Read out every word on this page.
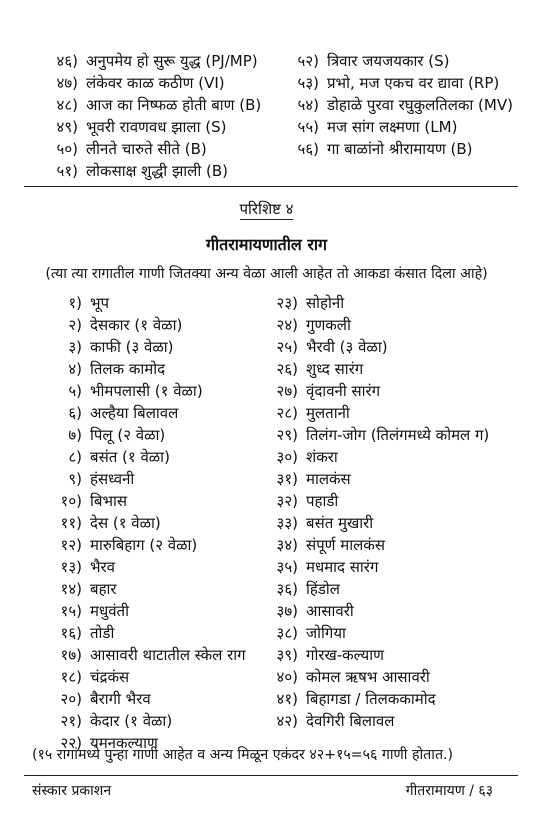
४६) अनुपमेय हो सुरू युद्ध (PJ/MP)
४७) लंकेवर काळ कठीण (VI)
४८) आज का निष्फळ होती बाण (B)
४९) भूवरी रावणवध झाला (S)
५०) लीनते चारुते सीते (B)
५१) लोकसाक्ष शुद्धी झाली (B)
५२) त्रिवार जयजयकार (S)
५३) प्रभो, मज एकच वर द्यावा (RP)
५४) डोहाळे पुरवा रघुकुलतिलका (MV)
५५) मज सांग लक्ष्मणा (LM)
५६) गा बाळांनो श्रीरामायण (B)
परिशिष्ट ४
गीतरामायणातील राग
(त्या त्या रागातील गाणी जितक्या अन्य वेळा आली आहेत तो आकडा कंसात दिला आहे)
१) भूप
२) देसकार (१ वेळा)
३) काफी (३ वेळा)
४) तिलक कामोद
५) भीमपलासी (१ वेळा)
६) अल्हैया बिलावल
७) पिलू (२ वेळा)
८) बसंत (१ वेळा)
९) हंसध्वनी
१०) बिभास
११) देस (१ वेळा)
१२) मारुबिहाग (२ वेळा)
१३) भैरव
१४) बहार
१५) मधुवंती
१६) तोडी
१७) आसावरी थाटातील स्केल राग
१८) चंद्रकंस
२०) बैरागी भैरव
२१) केदार (१ वेळा)
२२) यमनकल्याण
२३) सोहोनी
२४) गुणकली
२५) भैरवी (३ वेळा)
२६) शुध्द सारंग
२७) वृंदावनी सारंग
२८) मुलतानी
२९) तिलंग-जोग (तिलंगमध्ये कोमल ग)
३०) शंकरा
३१) मालकंस
३२) पहाडी
३३) बसंत मुखारी
३४) संपूर्ण मालकंस
३५) मधमाद सारंग
३६) हिंडोल
३७) आसावरी
३८) जोगिया
३९) गोरख-कल्याण
४०) कोमल ऋषभ आसावरी
४१) बिहागडा / तिलककामोद
४२) देवगिरी बिलावल
(१५ रागांमध्ये पुन्हा गाणी आहेत व अन्य मिळून एकंदर ४२+१५=५६ गाणी होतात.)
संस्कार प्रकाशन	गीतरामायण / ६३
